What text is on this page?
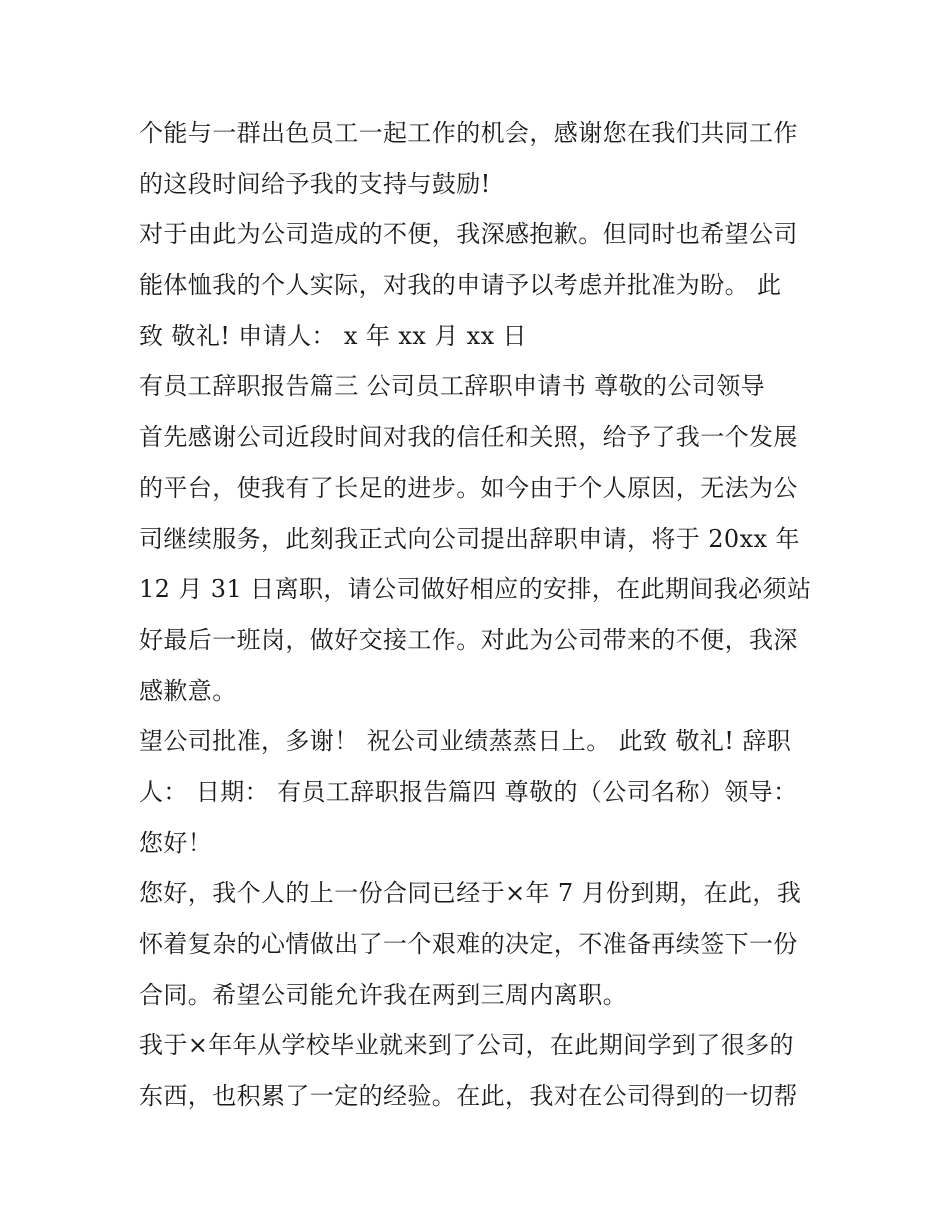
个能与一群出色员工一起工作的机会，感谢您在我们共同工作
的这段时间给予我的支持与鼓励!
对于由此为公司造成的不便，我深感抱歉。但同时也希望公司
能体恤我的个人实际，对我的申请予以考虑并批准为盼。 此
致 敬礼! 申请人： x 年 xx 月 xx 日
有员工辞职报告篇三 公司员工辞职申请书 尊敬的公司领导
首先感谢公司近段时间对我的信任和关照，给予了我一个发展
的平台，使我有了长足的进步。如今由于个人原因，无法为公
司继续服务，此刻我正式向公司提出辞职申请，将于 20xx 年
12 月 31 日离职，请公司做好相应的安排，在此期间我必须站
好最后一班岗，做好交接工作。对此为公司带来的不便，我深
感歉意。
望公司批准，多谢！ 祝公司业绩蒸蒸日上。 此致 敬礼! 辞职
人： 日期： 有员工辞职报告篇四 尊敬的（公司名称）领导：
您好！
您好，我个人的上一份合同已经于×年 7 月份到期，在此，我
怀着复杂的心情做出了一个艰难的决定，不准备再续签下一份
合同。希望公司能允许我在两到三周内离职。
我于×年年从学校毕业就来到了公司，在此期间学到了很多的
东西，也积累了一定的经验。在此，我对在公司得到的一切帮
